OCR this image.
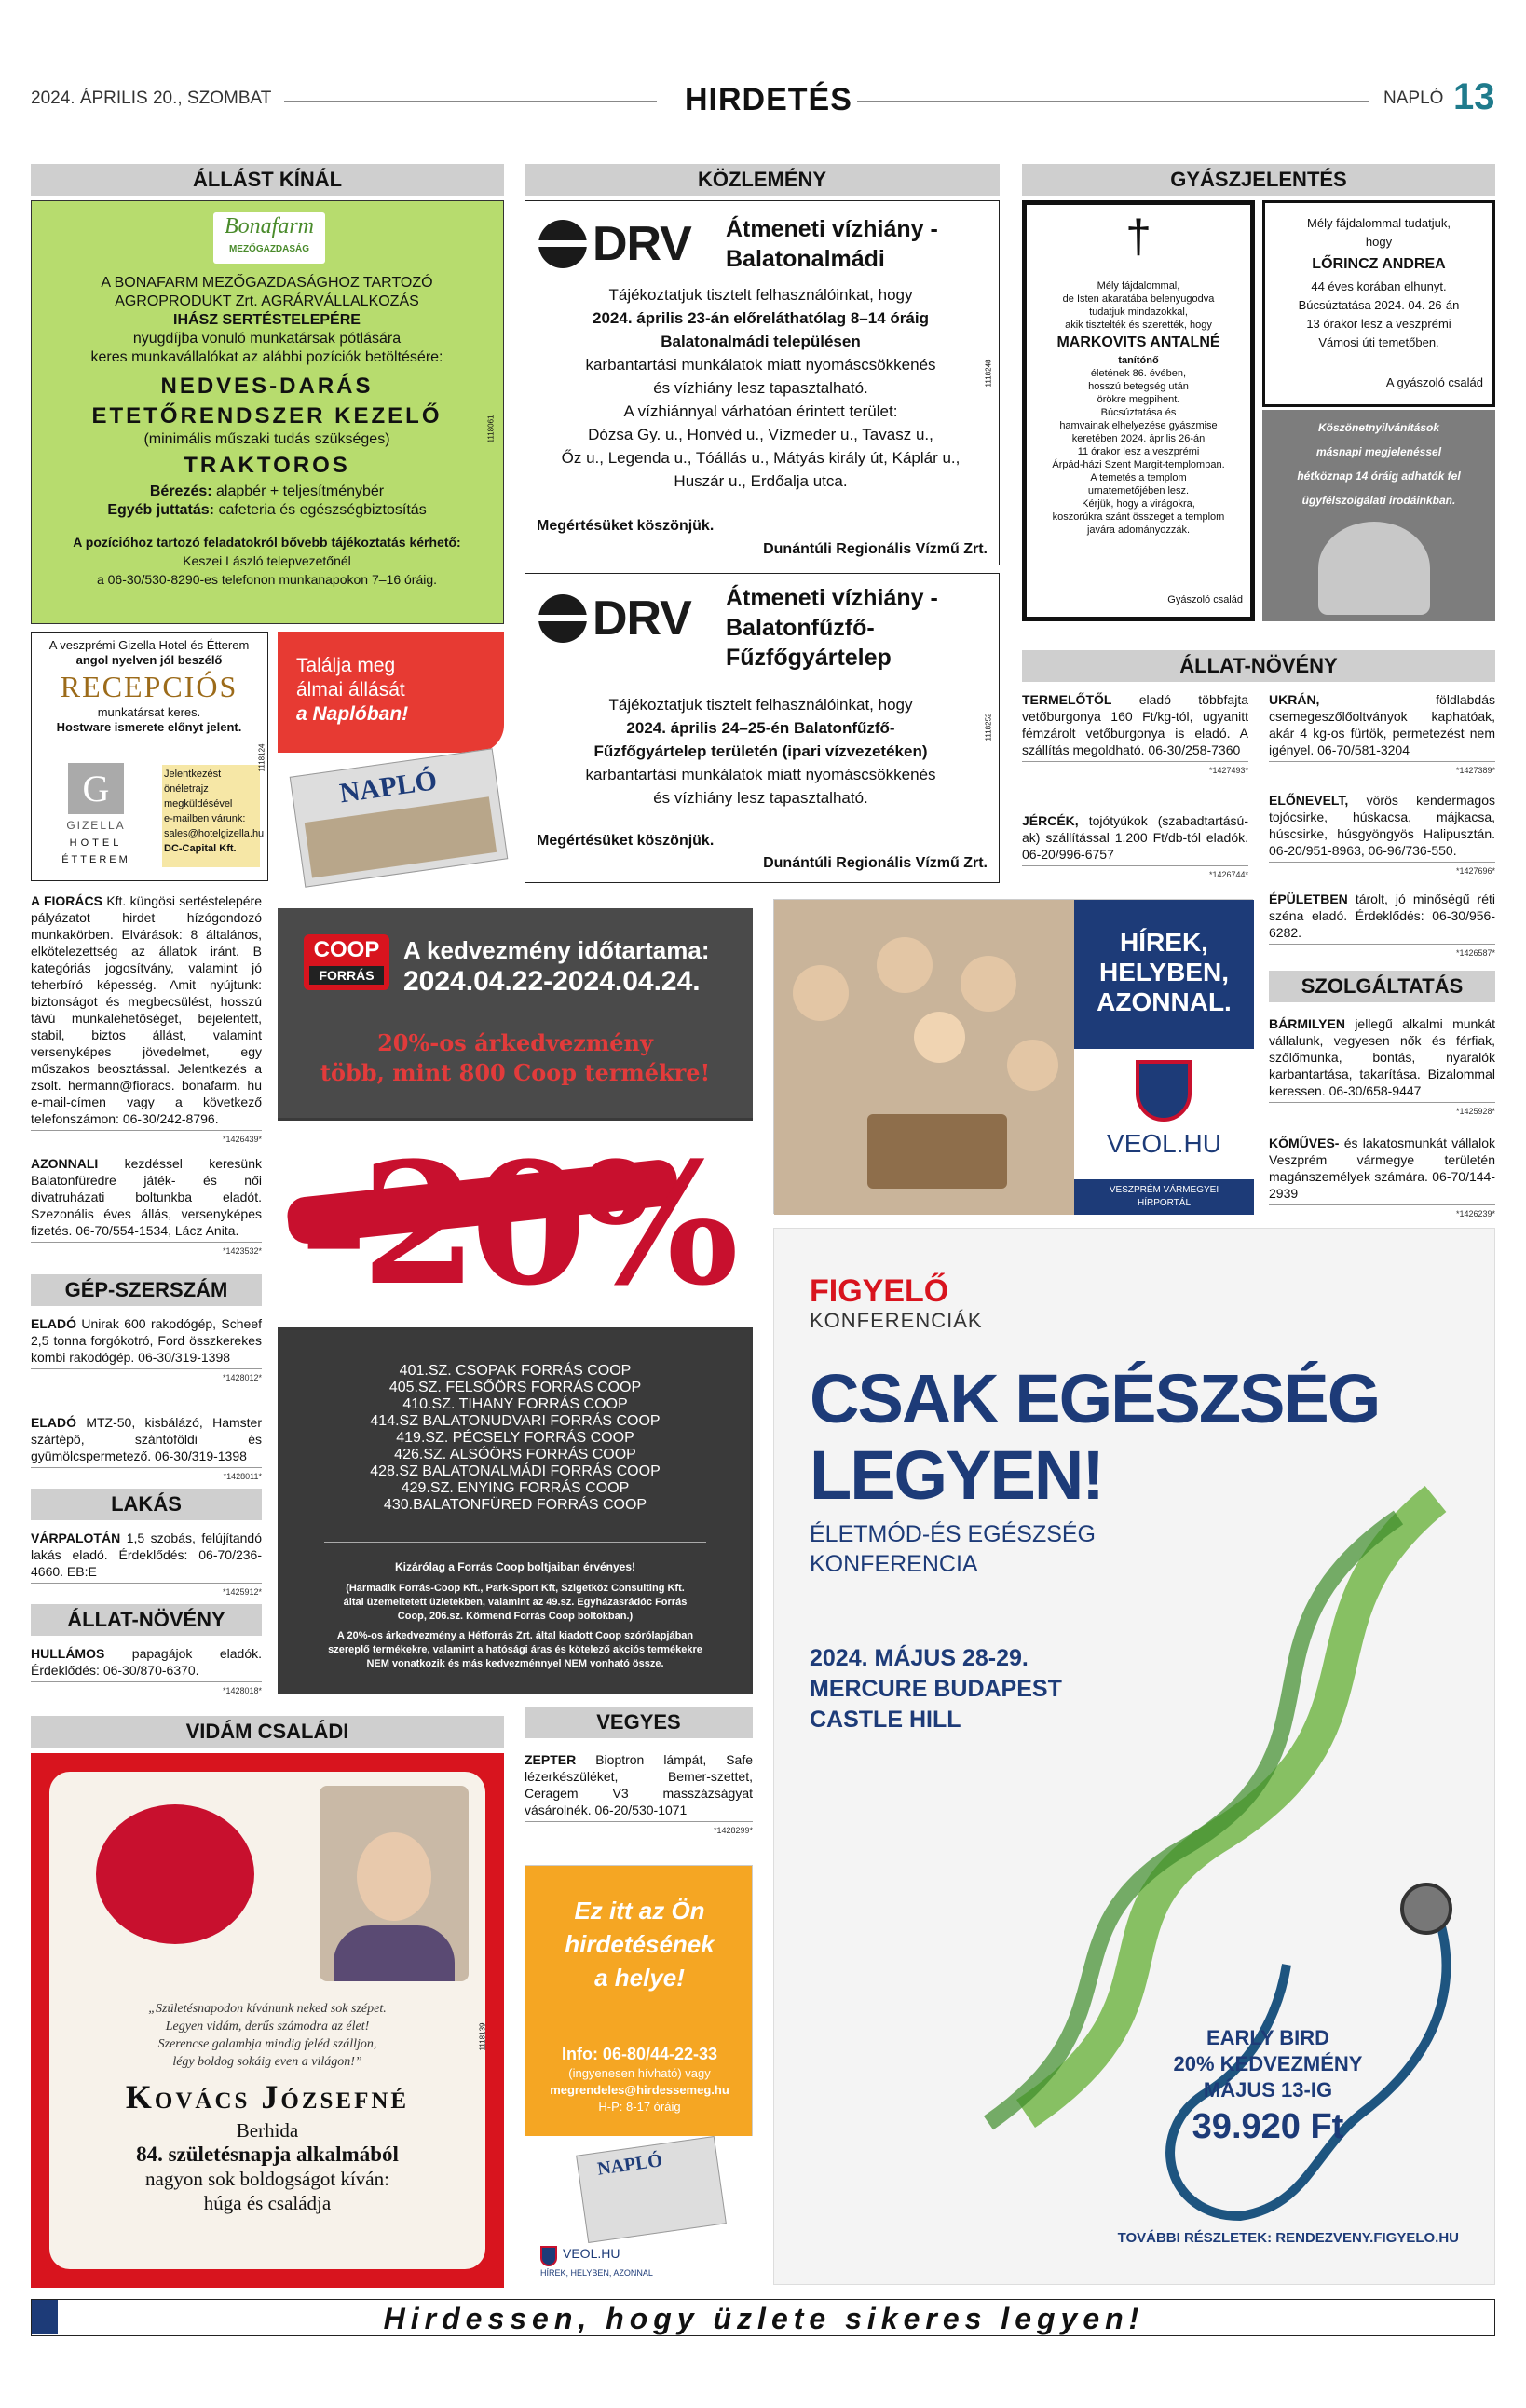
2024. ÁPRILIS 20., SZOMBAT	HIRDETÉS	NAPLÓ 13
ÁLLÁST KÍNÁL
Bonafarm
MEZŐGAZDASÁG
A BONAFARM MEZŐGAZDASÁGHOZ TARTOZÓ
AGROPRODUKT Zrt. AGRÁRVÁLLALKOZÁS
IHÁSZ SERTÉSTELEPÉRE
nyugdíjba vonuló munkatársak pótlására
keres munkavállalókat az alábbi pozíciók betöltésére:
NEDVES-DARÁS
ETETŐRENDSZER KEZELŐ
(minimális műszaki tudás szükséges)
TRAKTOROS
Bérezés: alapbér + teljesítménybér
Egyéb juttatás: cafeteria és egészségbiztosítás
A pozícióhoz tartozó feladatokról bővebb tájékoztatás kérhető:
Keszei László telepvezetőnél
a 06-30/530-8290-es telefonon munkanapokon 7–16 óráig.
1118061
A veszprémi Gizella Hotel és Étterem
angol nyelven jól beszélő
RECEPCIÓS
munkatársat keres.
Hostware ismerete előnyt jelent.
G
GIZELLA
HOTEL
ÉTTEREM
Jelentkezést
önéletrajz
megküldésével
e-mailben várunk:
sales@hotelgizella.hu
DC-Capital Kft.
1118124
Találja meg
álmai állását
a Naplóban!
NAPLÓ
A FIORÁCS Kft. küngösi sertéstelepére pályázatot hirdet hízógondozó munkakörben. Elvárások: 8 általános, elkötelezettség az állatok iránt. B kategóriás jogosítvány, valamint jó teherbíró képesség. Amit nyújtunk: biztonságot és megbecsülést, hosszú távú munkalehetőséget, bejelentett, stabil, biztos állást, valamint versenyképes jövedelmet, egy műszakos beosztással. Jelentkezés a zsolt. hermann@fioracs. bonafarm. hu e-mail-címen vagy a következő telefonszámon: 06-30/242-8796.
*1426439*
AZONNALI kezdéssel keresünk Balatonfüredre játék- és női divatruházati boltunkba eladót. Szezonális éves állás, versenyképes fizetés. 06-70/554-1534, Lácz Anita.
*1423532*
GÉP-SZERSZÁM
ELADÓ Unirak 600 rakodógép, Scheef 2,5 tonna forgókotró, Ford összkerekes kombi rakodógép. 06-30/319-1398
*1428012*
ELADÓ MTZ-50, kisbálázó, Hamster szártépő, szántóföldi és gyümölcspermetező. 06-30/319-1398
*1428011*
LAKÁS
VÁRPALOTÁN 1,5 szobás, felújítandó lakás eladó. Érdeklődés: 06-70/236-4660. EB:E
*1425912*
ÁLLAT-NÖVÉNY
HULLÁMOS papagájok eladók. Érdeklődés: 06-30/870-6370.
*1428018*
KÖZLEMÉNY
DRV Átmeneti vízhiány -
Balatonalmádi
Tájékoztatjuk tisztelt felhasználóinkat, hogy
2024. április 23-án előreláthatólag 8–14 óráig
Balatonalmádi településen
karbantartási munkálatok miatt nyomáscsökkenés
és vízhiány lesz tapasztalható.
A vízhiánnyal várhatóan érintett terület:
Dózsa Gy. u., Honvéd u., Vízmeder u., Tavasz u.,
Őz u., Legenda u., Tóállás u., Mátyás király út, Káplár u.,
Huszár u., Erdőalja utca.
Megértésüket köszönjük.
Dunántúli Regionális Vízmű Zrt.
1118248
DRV Átmeneti vízhiány -
Balatonfűzfő-
Fűzfőgyártelep
Tájékoztatjuk tisztelt felhasználóinkat, hogy
2024. április 24–25-én Balatonfűzfő-
Fűzfőgyártelep területén (ipari vízvezetéken)
karbantartási munkálatok miatt nyomáscsökkenés
és vízhiány lesz tapasztalható.
Megértésüket köszönjük.
Dunántúli Regionális Vízmű Zrt.
1118252
COOP
FORRÁS
A kedvezmény időtartama:
2024.04.22-2024.04.24.
20%-os árkedvezmény
több, mint 800 Coop termékre!
-20%
401.SZ. CSOPAK FORRÁS COOP
405.SZ. FELSŐÖRS FORRÁS COOP
410.SZ. TIHANY FORRÁS COOP
414.SZ BALATONUDVARI FORRÁS COOP
419.SZ. PÉCSELY FORRÁS COOP
426.SZ. ALSÓÖRS FORRÁS COOP
428.SZ BALATONALMÁDI FORRÁS COOP
429.SZ. ENYING FORRÁS COOP
430.BALATONFÜRED FORRÁS COOP
Kizárólag a Forrás Coop boltjaiban érvényes!
(Harmadik Forrás-Coop Kft., Park-Sport Kft, Szigetköz Consulting Kft.
által üzemeltetett üzletekben, valamint az 49.sz. Egyházasrádóc Forrás
Coop, 206.sz. Körmend Forrás Coop boltokban.)
A 20%-os árkedvezmény a Hétforrás Zrt. által kiadott Coop szórólapjában
szereplő termékekre, valamint a hatósági áras és kötelező akciós termékekre
NEM vonatkozik és más kedvezménnyel NEM vonható össze.
GYÁSZJELENTÉS
†
Mély fájdalommal,
de Isten akaratába belenyugodva
tudatjuk mindazokkal,
akik tisztelték és szerették, hogy
MARKOVITS ANTALNÉ
tanítónő
életének 86. évében,
hosszú betegség után
örökre megpihent.
Búcsúztatása és
hamvainak elhelyezése gyászmise
keretében 2024. április 26-án
11 órakor lesz a veszprémi
Árpád-házi Szent Margit-templomban.
A temetés a templom
urnatemetőjében lesz.
Kérjük, hogy a virágokra,
koszorúkra szánt összeget a templom
javára adományozzák.
Gyászoló család
Mély fájdalommal tudatjuk,
hogy
LŐRINCZ ANDREA
44 éves korában elhunyt.
Búcsúztatása 2024. 04. 26-án
13 órakor lesz a veszprémi
Vámosi úti temetőben.
A gyászoló család
Köszönetnyilvánítások
másnapi megjelenéssel
hétköznap 14 óráig adhatók fel
ügyfélszolgálati irodáinkban.
ÁLLAT-NÖVÉNY
TERMELŐTŐL eladó többfajta vetőburgonya 160 Ft/kg-tól, ugyanitt fémzárolt vetőburgonya is eladó. A szállítás megoldható. 06-30/258-7360
*1427493*
JÉRCÉK, tojótyúkok (szabadtartású-ak) szállítással 1.200 Ft/db-tól eladók. 06-20/996-6757
*1426744*
UKRÁN,	földlabdás csemegeszőlőoltványok kaphatóak, akár 4 kg-os fürtök, permetezést nem igényel. 06-70/581-3204
*1427389*
ELŐNEVELT, vörös kendermagos tojócsirke, húskacsa, májkacsa, húscsirke, húsgyöngyös Halipusztán. 06-20/951-8963, 06-96/736-550.
*1427696*
ÉPÜLETBEN tárolt, jó minőségű réti széna eladó. Érdeklődés: 06-30/956-6282.
*1426587*
SZOLGÁLTATÁS
BÁRMILYEN jellegű alkalmi munkát vállalunk, vegyesen nők és férfiak, szőlőmunka, bontás, nyaralók karbantartása, takarítása. Bizalommal keressen. 06-30/658-9447
*1425928*
KŐMŰVES- és lakatosmunkát vállalok Veszprém vármegye területén magánszemélyek számára. 06-70/144-2939
*1426239*
HÍREK,
HELYBEN,
AZONNAL.
VEOL.HU
VESZPRÉM VÁRMEGYEI
HÍRPORTÁL
FIGYELŐ
KONFERENCIÁK
CSAK EGÉSZSÉG
LEGYEN!
ÉLETMÓD-ÉS EGÉSZSÉG
KONFERENCIA
2024. MÁJUS 28-29.
MERCURE BUDAPEST
CASTLE HILL
EARLY BIRD
20% KEDVEZMÉNY
MÁJUS 13-IG
39.920 Ft
TOVÁBBI RÉSZLETEK: RENDEZVENY.FIGYELO.HU
VIDÁM CSALÁDI
„Születésnapodon kívánunk neked sok szépet.
Legyen vidám, derűs számodra az élet!
Szerencse galambja mindig feléd szálljon,
légy boldog sokáig even a világon!”
Kovács Józsefné
Berhida
84. születésnapja alkalmából
nagyon sok boldogságot kíván:
húga és családja
1118139
VEGYES
ZEPTER Bioptron lámpát, Safe lézerkészüléket, Bemer-szettet, Ceragem V3 masszázságyat vásárolnék. 06-20/530-1071
*1428299*
Ez itt az Ön
hirdetésének
a helye!
Info: 06-80/44-22-33
(ingyenesen hívható) vagy
megrendeles@hirdessemeg.hu
H-P: 8-17 óráig
NAPLÓ
VEOL.HU
HÍREK, HELYBEN, AZONNAL
Hirdessen, hogy üzlete sikeres legyen!
